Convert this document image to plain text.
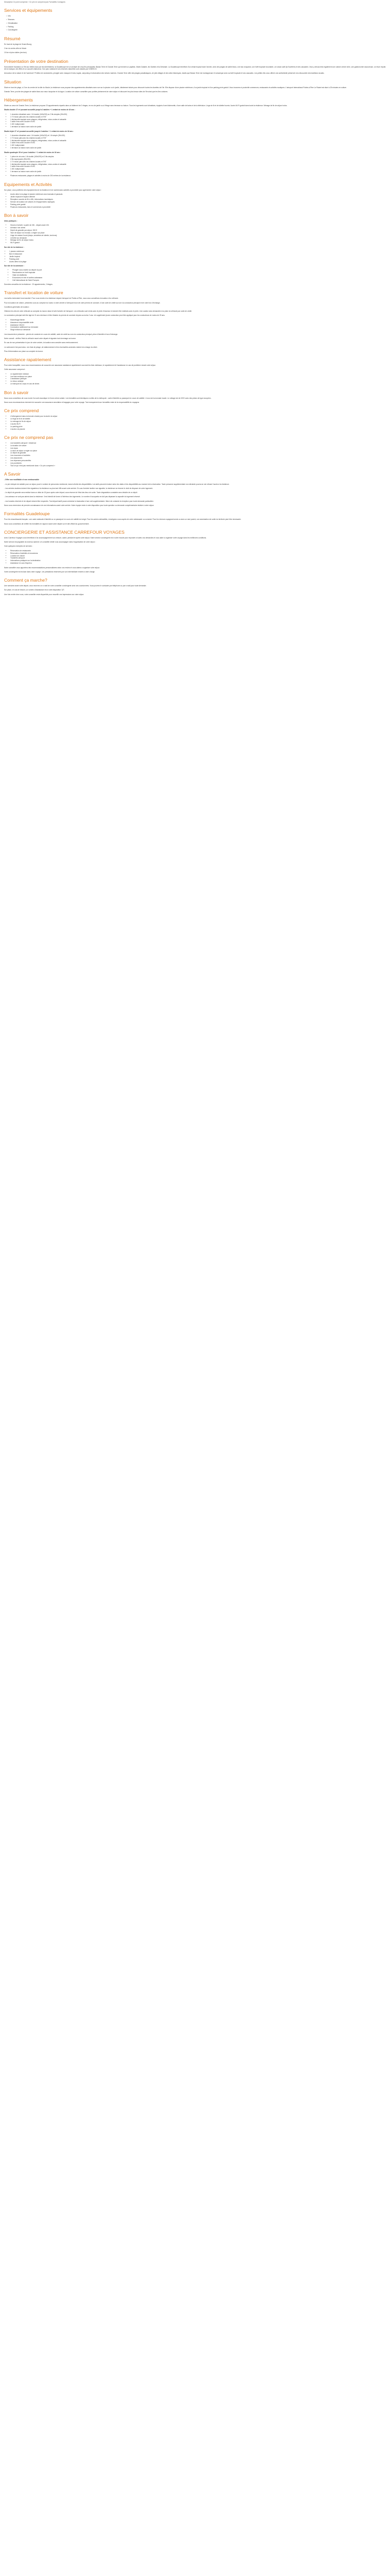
Description Ce point comprend: / Ce prix ne comprend pas Formalités Consignes
Services et équipements
▪ Info
▪ Séances
▪ Climatisation
▪ Parking
▪ Conciergerie
Résumé

En haut de la plage de Grand-Bourg

2 km du centre-ville du Moule

10 km et plus visites (environ)

Présentation de votre destination

Surnommée Karukera ou l'île aux belles eaux par les Amérindiens, la Guadeloupe est un archipel de cinq îles principales: Basse-Terre et Grande-Terre qui forment un papillon, Marie-Galante, les Saintes et la Désirade. La Guadeloupe bénéficie d'un climat tropical toute l'année, avec des plages de sable blanc, une eau turquoise, une forêt tropicale luxuriante, un volcan actif (la Soufrière) et des cascades. Vous y découvrirez également une culture créole riche, une gastronomie savoureuse, un rhum réputé, de la musique, des fêtes et un accueil chaleureux. Son parc national et ses réserves naturelles sont classés par l'UNESCO.

Amoureux de la nature et de l'aventure? Profitez de randonnées, plongée avec masque et tuba, kayak, canyoning et observation des tortues marines. Grande-Terre offre des plages paradisiaques, de jolis villages et des sites historiques, tandis que Basse-Terre est montagneuse et volcanique avec sa forêt tropicale et ses cascades. Les petites îles vous offrent une authenticité préservée à la découverte des traditions locales.

Situation

Situé en bord de plage, à 2 km du centre de la ville du Moule, la résidence vous propose des appartements climatisés avec vue sur la piscine ou le jardin, idéalement situés pour découvrir toutes les facettes de l'île. Elle dispose d'une piscine extérieure, d'un jardin tropical et d'un parking privé gratuit. Vous trouverez à proximité commerces, restaurants et activités nautiques. L'aéroport international Pointe-à-Pitre Le Raizet est situé à 25 minutes en voiture.

Grande-Terre, proche des plages de sable blanc aux eaux turquoise et du lagon. Location de voiture conseillée pour profiter pleinement de votre séjour et découvrir les plus beaux sites de l'île ainsi que les îles voisines.

Hébergements

Située au cœur de Grande-Terre, la résidence propose 20 appartements répartis dans un bâtiment de 2 étages, en rez-de-jardin ou à l'étage avec terrasse ou balcon. Tous les logements sont climatisés, équipés d'une kitchenette, d'une salle de bains et de la télévision. Linge de lit et de toilette fournis. Accès Wi-Fi gratuit dans toute la résidence. Ménage de fin de séjour inclus.

Studio double 27 m² pouvant accueillir jusqu'à 2 adultes + 1 enfant de moins de 16 ans :

• 1 chambre climatisée avec 1 lit double (160x200) ou 2 lits simples (90x190)
• 1 TV écran plat avec les chaînes locales et TNT
• 1 kitchenette équipée avec plaques, réfrigérateur, micro-ondes et vaisselle
• 1 salle d'eau avec douche et WC
• 1 WC indépendant
• 1 terrasse ou balcon avec salon de jardin

Studio triple 27 m² pouvant accueillir jusqu'à 3 adultes + 1 enfant de moins de 16 ans :

• 1 chambre climatisée avec 1 lit double (160x200) et 1 lit simple (90x190)
• 1 TV écran plat avec les chaînes locales et TNT
• 1 kitchenette équipée avec plaques, réfrigérateur, micro-ondes et vaisselle
• 1 salle d'eau avec douche et WC
• 1 WC indépendant
• 1 terrasse ou balcon avec salon de jardin

Studio quadruple 35 m² pour 4 adultes + 1 enfant de moins de 16 ans :

• 1 pièce de vie avec 1 lit double (160x200) et 2 lits simples
• 2 lits superposés (90x190)
• 1 TV écran plat avec les chaînes locales et TNT
• 1 kitchenette équipée avec plaques, réfrigérateur, micro-ondes et vaisselle
• 1 salle d'eau avec douche et WC
• 1 WC indépendant
• 1 terrasse ou balcon avec salon de jardin
• Plusieurs restaurants, plages et activités à moins de 200 mètres de la résidence.
Equipements et Activités

Sur place, vous profiterez des équipements de la résidence et de nombreuses activités à proximité pour agrémenter votre séjour :

• Accès direct à la plage et piscine extérieure avec transats et parasols
• Jardin tropical et espace détente
• Réception ouverte de 8h à 18h, informations touristiques
• Service de location de voitures et d'équipements nautiques
• Parking privé gratuit
• Plusieurs restaurants, bars et commerces à proximité
Bon à savoir

Infos pratiques :

• Heures d'arrivée: à partir de 15h - départ avant 10h
• Animaux non admis
• Dépôt de garantie par séjour: 300 €
• Taxe de séjour non incluse, à régler sur place
• Linge de maison fourni (draps, serviettes de toilette, torchons)
• Lit bébé sur demande
• Ménage de fin de séjour inclus
• Wi-Fi gratuit

Sur site de la résidence :

• 1 piscine extérieure
• Bar et restaurant
• Jardin tropical
• Parking privé
• Accès direct à la plage

Sur site de la commune :

• Plongée sous-marine au départ du port
• Randonnées en forêt tropicale
• Visite de distilleries
• Excursions en mer et sorties catamaran
• Golf international de Saint-François

Données annuelles de la résidence : 20 appartements, 2 étages.

Transfert et location de voiture

Les tarifs s'entendent hors transfert. Pour vous rendre à la résidence depuis l'aéroport de Pointe-à-Pitre, nous vous conseillons la location d'un véhicule.

Pour la location de voiture, présentez-vous au comptoir du loueur à votre arrivée à l'aéroport muni de votre permis de conduire, d'une carte de crédit au nom du conducteur principal et de votre bon d'échange.

Conditions générales de location :

Obtenez les clés de votre véhicule au comptoir du loueur dans le hall d'arrivée de l'aéroport. Les véhicules sont remis avec le plein d'essence et doivent être restitués avec le plein. Une caution sera demandée à la prise du véhicule par carte de crédit.

Le conducteur principal doit être âgé de 21 ans minimum et être titulaire du permis de conduire depuis au moins 2 ans. Un supplément jeune conducteur peut être appliqué pour les conducteurs de moins de 25 ans.

• Kilométrage illimité
• Assurance responsabilité civile
• Assistance 24h/24
• Conducteur additionnel sur demande
• Siège enfant sur demande

Les documents à présenter : permis de conduire en cours de validité, carte de crédit au nom du conducteur principal, pièce d'identité et bon d'échange.

Notre conseil : vérifiez l'état du véhicule avant votre départ et signalez tout dommage au loueur.

En cas de non-présentation le jour de votre arrivée, la location sera annulée sans remboursement.

Le carburant n'est pas inclus. Les frais de péage, de stationnement et les éventuelles amendes restent à la charge du client.

Plus d'informations sur place au comptoir du loueur.

Assistance rapatriement

Pour votre tranquillité, nous vous recommandons de souscrire une assurance assistance rapatriement couvrant les frais médicaux, le rapatriement et l'assistance en cas de problème durant votre séjour.

Cette assurance comprend :

• Le rapatriement médical
• Les frais médicaux sur place
• L'assistance juridique
• Le retour anticipé
• Le transport du corps en cas de décès
Bon à savoir

Nous vous conseillons de vous munir d'un anti-moustique et d'une crème solaire. Les formalités sont identiques à celles de la métropole : carte d'identité ou passeport en cours de validité. L'euro est la monnaie locale. Le voltage est de 220V avec des prises de type européen.

Nous vous recommandons vivement de souscrire une assurance annulation et bagages pour votre voyage. Tout manquement aux formalités reste de la responsabilité du voyageur.

Ce prix comprend
• L'hébergement dans la formule choisie pour la durée du séjour
• Le linge de lit et de toilette
• Le ménage de fin de séjour
• L'accès Wi-Fi
• Le parking privé
• L'accès à la piscine
Ce prix ne comprend pas
• Les transferts aéroport / résidence
• La location de voiture
• Les repas
• La taxe de séjour à régler sur place
• Le dépôt de garantie
• Les excursions et activités
• Les assurances
• Les dépenses personnelles
• Les pourboires
• Tout ce qui n'est pas mentionné dans « Ce prix comprend »
A Savoir

- Offre non modifiable et non remboursable

- Le prix indiqué est valable pour un séjour pour le nombre de personnes mentionné, dans la limite des disponibilités. Les tarifs peuvent évoluer selon les dates et les disponibilités au moment de la réservation. Toute personne supplémentaire non déclarée pourra se voir refuser l'accès à la résidence.

- Les arrivées tardives doivent être signalées à la résidence au plus tard 48h avant votre arrivée. En cas d'arrivée tardive non signalée, la résidence se réserve le droit de disposer de votre logement.

- Le dépôt de garantie sera restitué dans un délai de 15 jours après votre départ, sous réserve de l'état des lieux de sortie. Toute dégradation constatée sera déduite de ce dépôt.

- Les animaux ne sont pas admis dans la résidence. Il est interdit de fumer à l'intérieur des logements. Le nombre d'occupants ne doit pas dépasser la capacité du logement réservé.

- Les horaires d'arrivée et de départ doivent être respectés. Tout départ tardif pourra entraîner la facturation d'une nuit supplémentaire. Merci de contacter la réception pour toute demande particulière.

Nous vous remercions de prendre connaissance de ces informations avant votre arrivée. Notre équipe reste à votre disposition pour toute question ou demande complémentaire relative à votre séjour.

Formalités Guadeloupe

Pour les ressortissants français : une carte nationale d'identité ou un passeport en cours de validité est exigé. Pour les autres nationalités, renseignez-vous auprès de votre ambassade ou consulat. Pour les mineurs voyageant seuls ou avec un seul parent, une autorisation de sortie du territoire peut être nécessaire.

Nous vous conseillons de vérifier les formalités en vigueur avant votre départ sur le site officiel du gouvernement.

CONCIERGERIE ET ASSISTANCE CARREFOUR VOYAGES

Avec Carrefour Voyages vous bénéficiez d'un accompagnement sur-mesure, avant, pendant et après votre séjour. Notre service conciergerie est à votre écoute pour répondre à toutes vos demandes et vous aider à organiser votre voyage dans les meilleures conditions.

Notre service est joignable du lundi au samedi. Un conseiller dédié vous accompagne dans l'organisation de votre séjour :

Voici quelques exemples de services :

• Réservation de restaurants
• Réservation d'activités et excursions
• Location de voiture
• Transferts aéroport
• Informations pratiques sur la destination
• Assistance en cas d'imprévu

Notre conseiller vous apportera des recommandations personnalisées selon vos envies et vous aidera à organiser votre séjour.

Votre conciergerie est incluse dans votre voyage. Les prestations réservées par son intermédiaire restent à votre charge.

Comment ça marche?

Une semaine avant votre départ, vous recevrez un e-mail de votre conseiller conciergerie avec ses coordonnées. Vous pourrez le contacter par téléphone ou par e-mail pour toute demande.

Sur place, en cas de besoin, un numéro d'assistance est à votre disposition 7j/7.

Une fois rentré chez vous, votre conseiller reste disponible pour recueillir vos impressions sur votre séjour.
